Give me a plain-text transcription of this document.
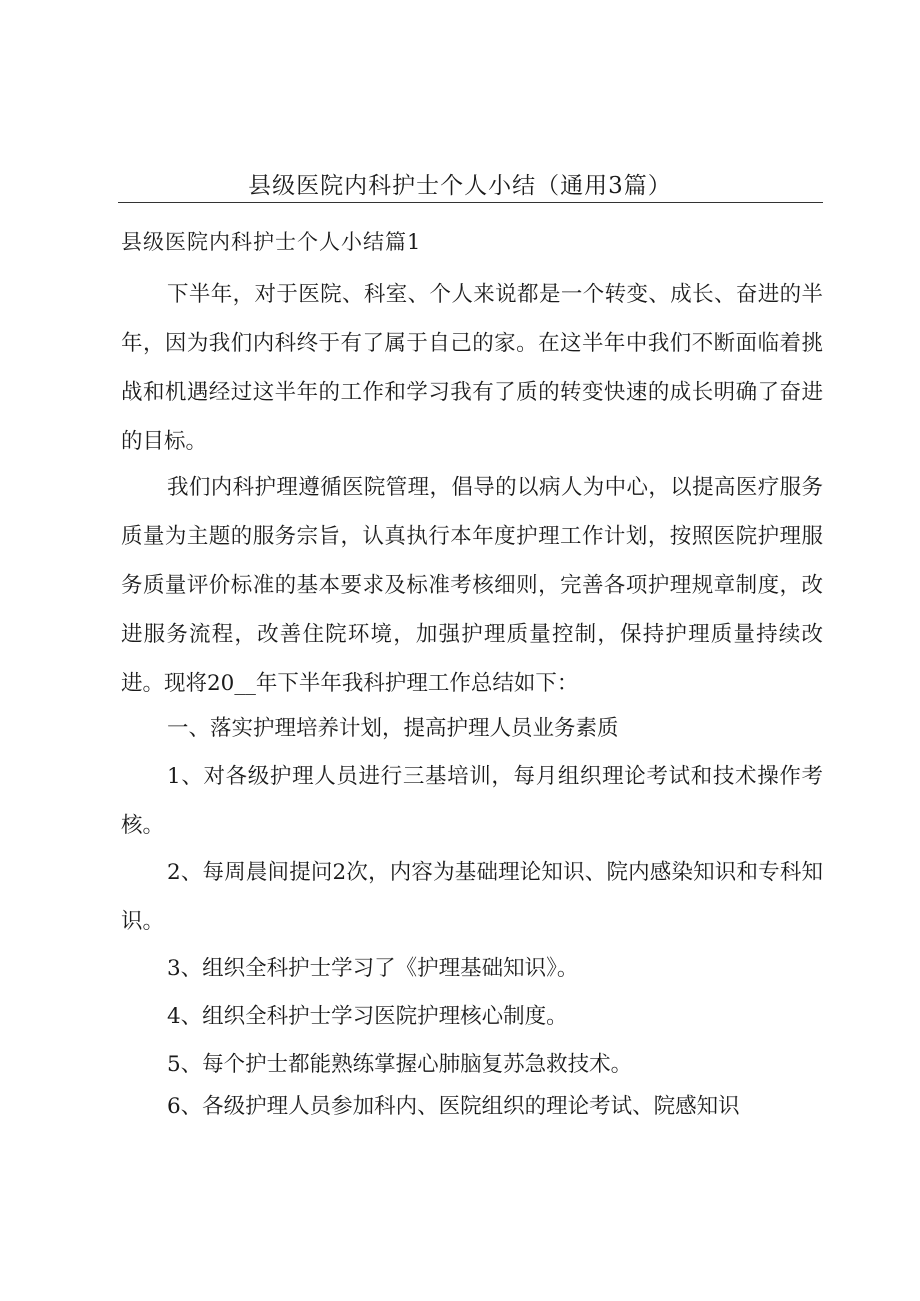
县级医院内科护士个人小结（通用3篇）

县级医院内科护士个人小结篇1

下半年，对于医院、科室、个人来说都是一个转变、成长、奋进的半年，因为我们内科终于有了属于自己的家。在这半年中我们不断面临着挑战和机遇经过这半年的工作和学习我有了质的转变快速的成长明确了奋进的目标。

我们内科护理遵循医院管理，倡导的以病人为中心，以提高医疗服务质量为主题的服务宗旨，认真执行本年度护理工作计划，按照医院护理服务质量评价标准的基本要求及标准考核细则，完善各项护理规章制度，改进服务流程，改善住院环境，加强护理质量控制，保持护理质量持续改进。现将20__年下半年我科护理工作总结如下：

一、落实护理培养计划，提高护理人员业务素质

1、对各级护理人员进行三基培训，每月组织理论考试和技术操作考核。

2、每周晨间提问2次，内容为基础理论知识、院内感染知识和专科知识。

3、组织全科护士学习了《护理基础知识》。

4、组织全科护士学习医院护理核心制度。

5、每个护士都能熟练掌握心肺脑复苏急救技术。

6、各级护理人员参加科内、医院组织的理论考试、院感知识
